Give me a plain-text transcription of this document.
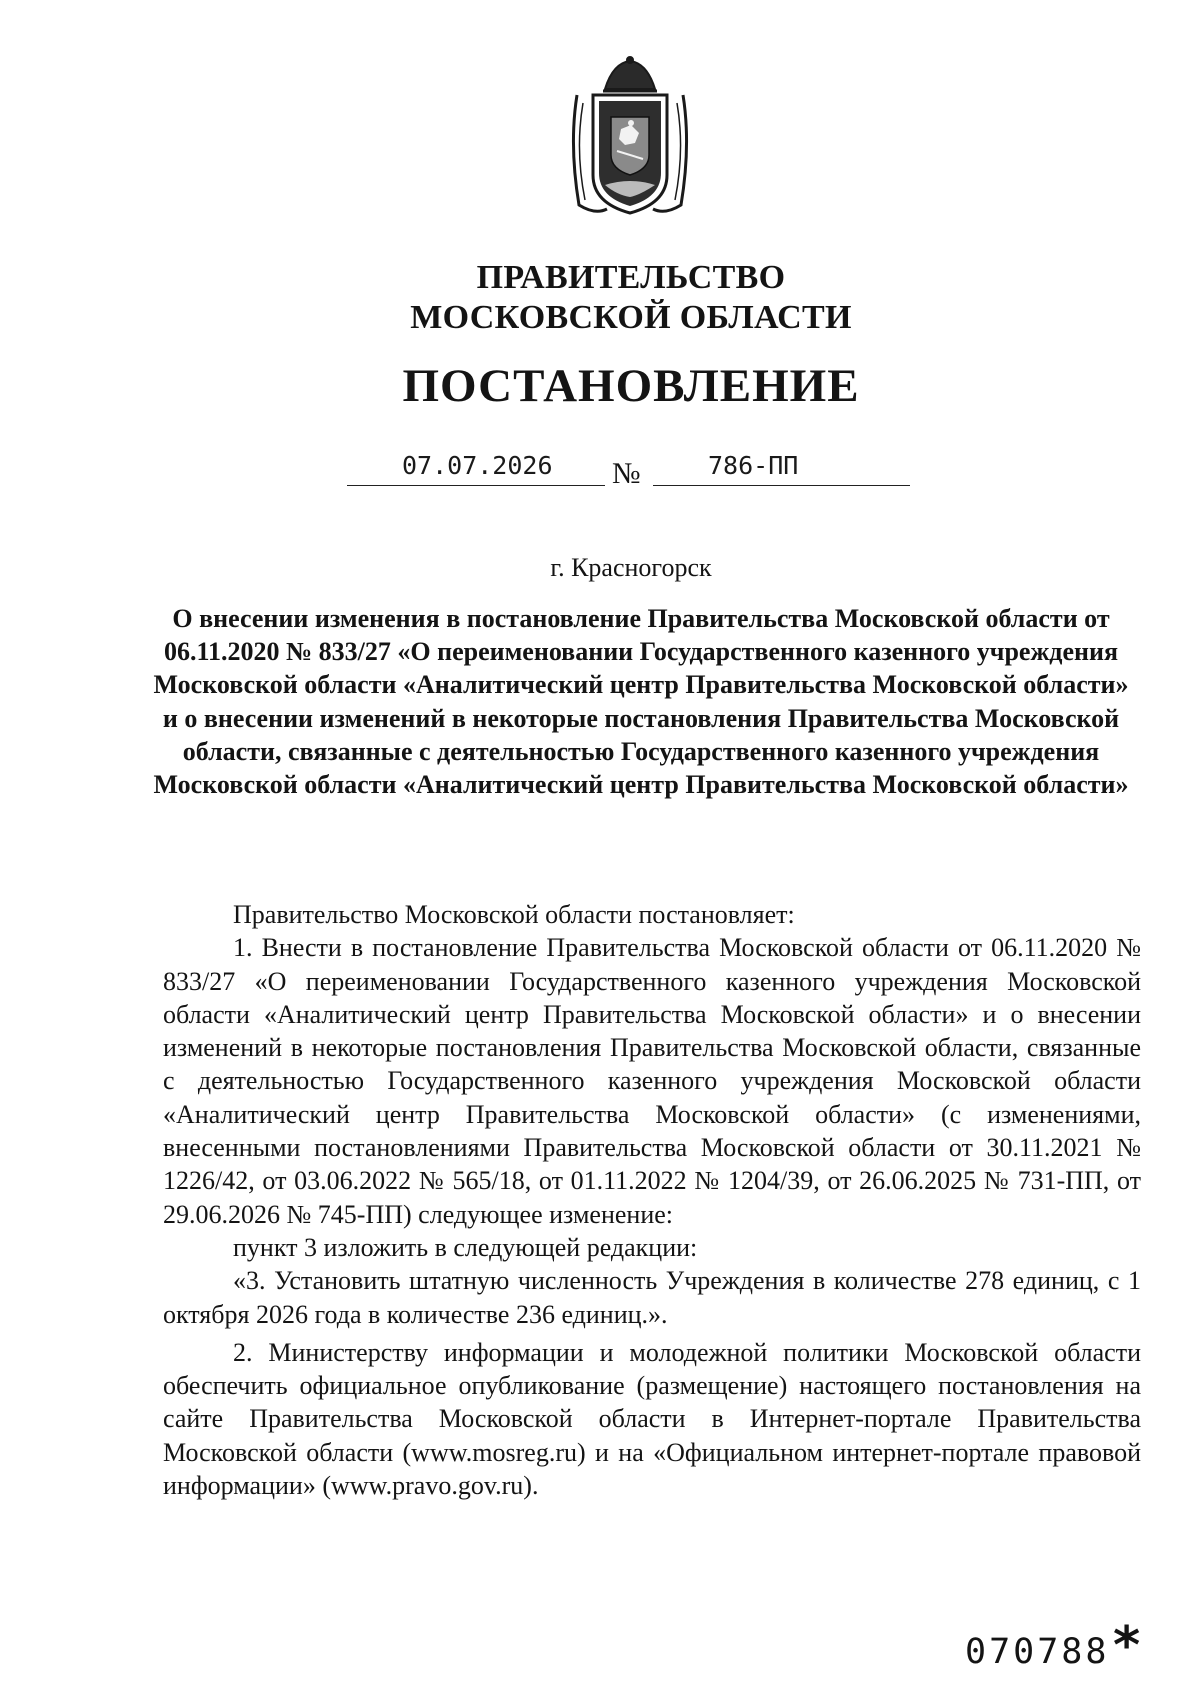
ПРАВИТЕЛЬСТВО
МОСКОВСКОЙ ОБЛАСТИ
ПОСТАНОВЛЕНИЕ
07.07.2026 №	786-ПП
г. Красногорск
О внесении изменения в постановление Правительства Московской области от 06.11.2020 № 833/27 «О переименовании Государственного казенного учреждения Московской области «Аналитический центр Правительства Московской области» и о внесении изменений в некоторые постановления Правительства Московской области, связанные с деятельностью Государственного казенного учреждения Московской области «Аналитический центр Правительства Московской области»

Правительство Московской области постановляет:

1. Внести в постановление Правительства Московской области от 06.11.2020 № 833/27 «О переименовании Государственного казенного учреждения Московской области «Аналитический центр Правительства Московской области» и о внесении изменений в некоторые постановления Правительства Московской области, связанные с деятельностью Государственного казенного учреждения Московской области «Аналитический центр Правительства Московской области» (с изменениями, внесенными постановлениями Правительства Московской области от 30.11.2021 № 1226/42, от 03.06.2022 № 565/18, от 01.11.2022 № 1204/39, от 26.06.2025 № 731-ПП, от 29.06.2026 № 745-ПП) следующее изменение:

пункт 3 изложить в следующей редакции:

«3. Установить штатную численность Учреждения в количестве 278 единиц, с 1 октября 2026 года в количестве 236 единиц.».

2. Министерству информации и молодежной политики Московской области обеспечить официальное опубликование (размещение) настоящего постановления на сайте Правительства Московской области в Интернет-портале Правительства Московской области (www.mosreg.ru) и на «Официальном интернет-портале правовой информации» (www.pravo.gov.ru).

070788 *
